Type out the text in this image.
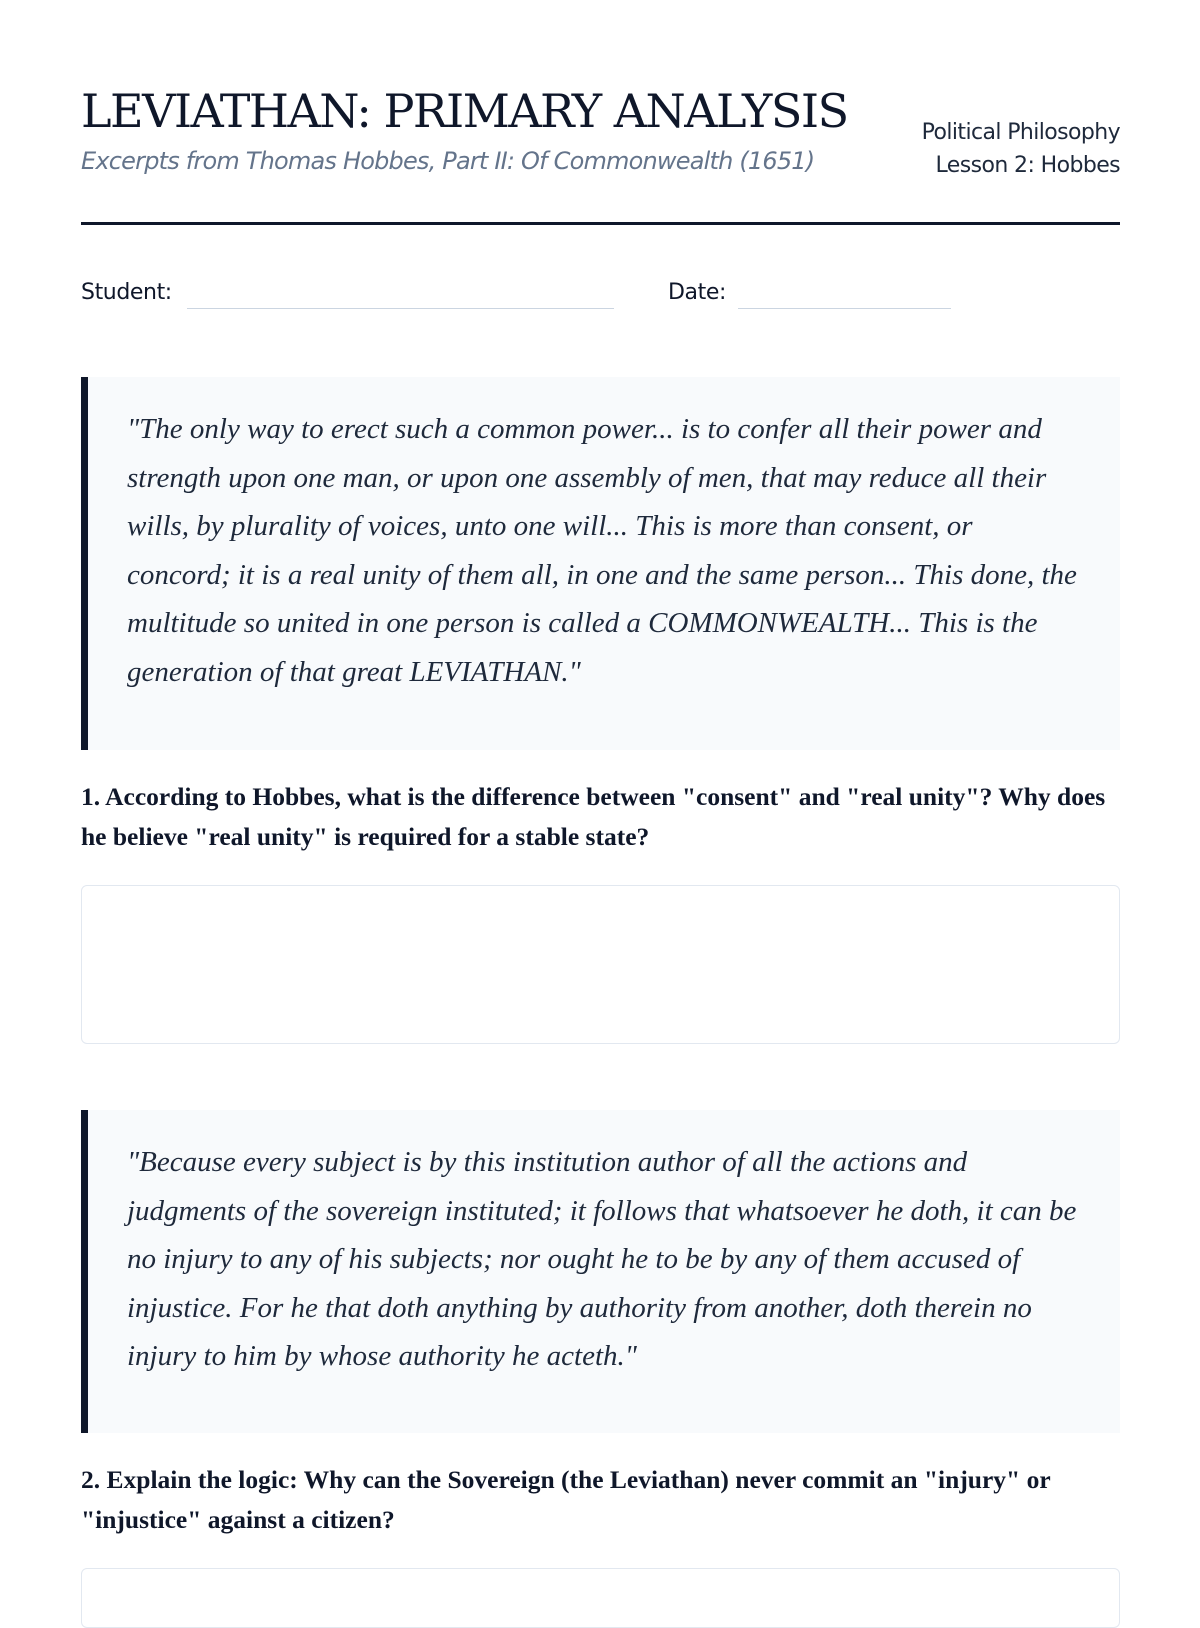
LEVIATHAN: PRIMARY ANALYSIS
Excerpts from Thomas Hobbes, Part II: Of Commonwealth (1651)
Political Philosophy
Lesson 2: Hobbes
Student:	Date:

"The only way to erect such a common power... is to confer all their power and strength upon one man, or upon one assembly of men, that may reduce all their wills, by plurality of voices, unto one will... This is more than consent, or concord; it is a real unity of them all, in one and the same person... This done, the multitude so united in one person is called a COMMONWEALTH... This is the generation of that great LEVIATHAN."

1. According to Hobbes, what is the difference between "consent" and "real unity"? Why does he believe "real unity" is required for a stable state?

"Because every subject is by this institution author of all the actions and judgments of the sovereign instituted; it follows that whatsoever he doth, it can be no injury to any of his subjects; nor ought he to be by any of them accused of injustice. For he that doth anything by authority from another, doth therein no injury to him by whose authority he acteth."

2. Explain the logic: Why can the Sovereign (the Leviathan) never commit an "injury" or "injustice" against a citizen?
